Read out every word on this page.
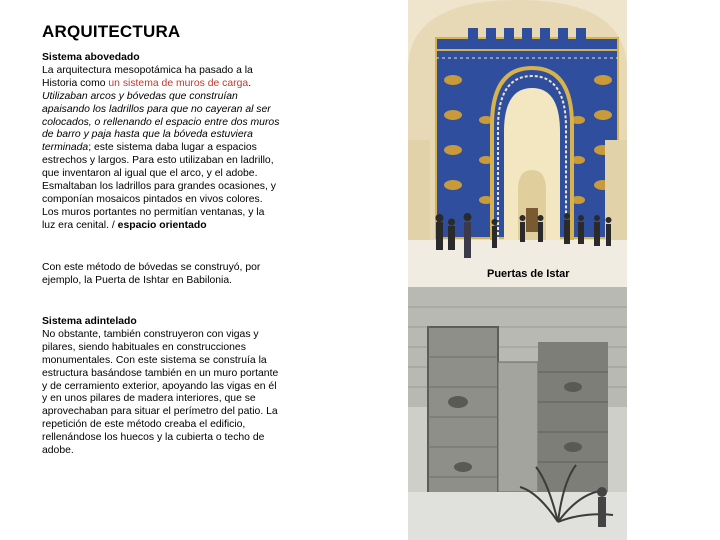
ARQUITECTURA
Sistema abovedado
La arquitectura mesopotámica ha pasado a la Historia como un sistema de muros de carga. Utilizaban arcos y bóvedas que construían apaisando los ladrillos para que no cayeran al ser colocados, o rellenando el espacio entre dos muros de barro y paja hasta que la bóveda estuviera terminada; este sistema daba lugar a espacios estrechos y largos. Para esto utilizaban en ladrillo, que inventaron al igual que el arco, y el adobe. Esmaltaban los ladrillos para grandes ocasiones, y componían mosaicos pintados en vivos colores. Los muros portantes no permitían ventanas, y la luz era cenital. / espacio orientado
Con este método de bóvedas se construyó, por ejemplo, la Puerta de Ishtar en Babilonia.
Sistema adintelado
No obstante, también construyeron con vigas y pilares, siendo habituales en construcciones monumentales. Con este sistema se construía la estructura basándose también en un muro portante y de cerramiento exterior, apoyando las vigas en él y en unos pilares de madera interiores, que se aprovechaban para situar el perímetro del patio. La repetición de este método creaba el edificio, rellenándose los huecos y la cubierta o techo de adobe.
Puertas de Istar
